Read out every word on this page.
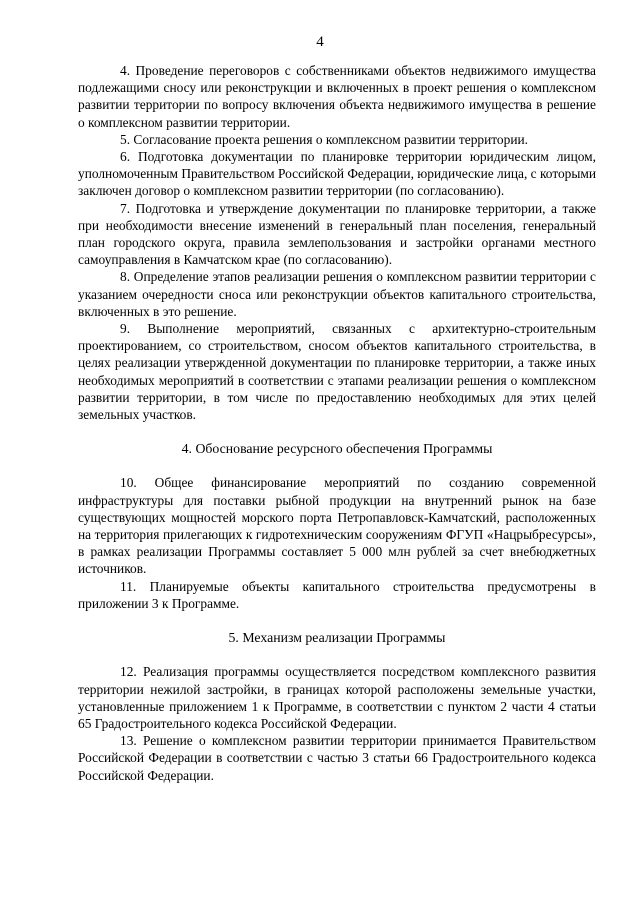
4

4. Проведение переговоров с собственниками объектов недвижимого имущества подлежащими сносу или реконструкции и включенных в проект решения о комплексном развитии территории по вопросу включения объекта недвижимого имущества в решение о комплексном развитии территории.

5. Согласование проекта решения о комплексном развитии территории.

6. Подготовка документации по планировке территории юридическим лицом, уполномоченным Правительством Российской Федерации, юридические лица, с которыми заключен договор о комплексном развитии территории (по согласованию).

7. Подготовка и утверждение документации по планировке территории, а также при необходимости внесение изменений в генеральный план поселения, генеральный план городского округа, правила землепользования и застройки органами местного самоуправления в Камчатском крае (по согласованию).

8. Определение этапов реализации решения о комплексном развитии территории с указанием очередности сноса или реконструкции объектов капитального строительства, включенных в это решение.

9. Выполнение мероприятий, связанных с архитектурно-строительным проектированием, со строительством, сносом объектов капитального строительства, в целях реализации утвержденной документации по планировке территории, а также иных необходимых мероприятий в соответствии с этапами реализации решения о комплексном развитии территории, в том числе по предоставлению необходимых для этих целей земельных участков.

4. Обоснование ресурсного обеспечения Программы

10. Общее финансирование мероприятий по созданию современной инфраструктуры для поставки рыбной продукции на внутренний рынок на базе существующих мощностей морского порта Петропавловск-Камчатский, расположенных на территория прилегающих к гидротехническим сооружениям ФГУП «Нацрыбресурсы», в рамках реализации Программы составляет 5 000 млн рублей за счет внебюджетных источников.

11. Планируемые объекты капитального строительства предусмотрены в приложении 3 к Программе.

5. Механизм реализации Программы

12. Реализация программы осуществляется посредством комплексного развития территории нежилой застройки, в границах которой расположены земельные участки, установленные приложением 1 к Программе, в соответствии с пунктом 2 части 4 статьи 65 Градостроительного кодекса Российской Федерации.

13. Решение о комплексном развитии территории принимается Правительством Российской Федерации в соответствии с частью 3 статьи 66 Градостроительного кодекса Российской Федерации.
